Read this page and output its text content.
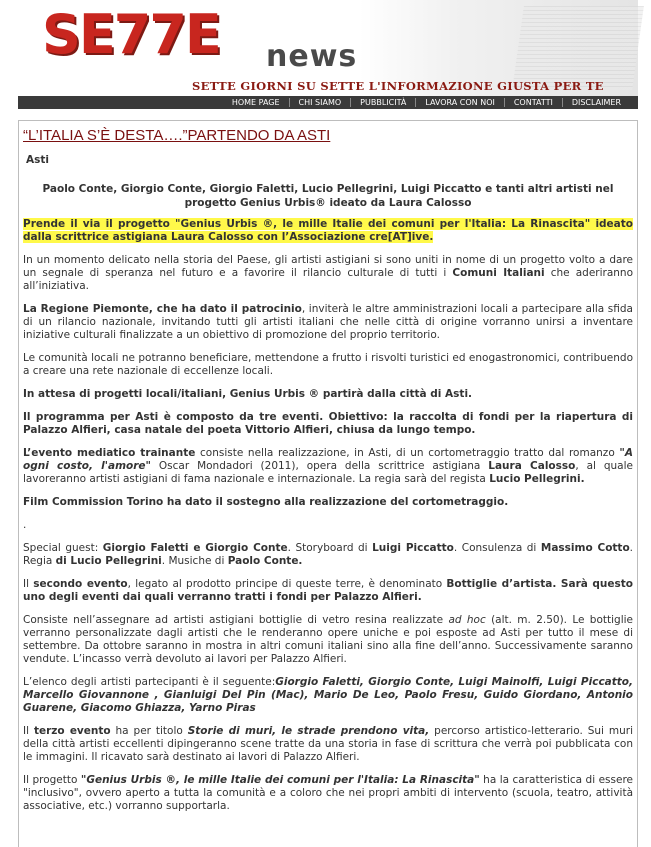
SE77E news
SETTE GIORNI SU SETTE L'INFORMAZIONE GIUSTA PER TE
HOME PAGE	CHI SIAMO	PUBBLICITÀ	LAVORA CON NOI	CONTATTI	DISCLAIMER
“L’ITALIA S’È DESTA….”PARTENDO DA ASTI
Asti
Paolo Conte, Giorgio Conte, Giorgio Faletti, Lucio Pellegrini, Luigi Piccatto e tanti altri artisti nel progetto Genius Urbis® ideato da Laura Calosso

Prende il via il progetto "Genius Urbis ®, le mille Italie dei comuni per l'Italia: La Rinascita" ideato dalla scrittrice astigiana Laura Calosso con l’Associazione cre[AT]ive.

In un momento delicato nella storia del Paese, gli artisti astigiani si sono uniti in nome di un progetto volto a dare un segnale di speranza nel futuro e a favorire il rilancio culturale di tutti i Comuni Italiani che aderiranno all’iniziativa.

La Regione Piemonte, che ha dato il patrocinio, inviterà le altre amministrazioni locali a partecipare alla sfida di un rilancio nazionale, invitando tutti gli artisti italiani che nelle città di origine vorranno unirsi a inventare iniziative culturali finalizzate a un obiettivo di promozione del proprio territorio.

Le comunità locali ne potranno beneficiare, mettendone a frutto i risvolti turistici ed enogastronomici, contribuendo a creare una rete nazionale di eccellenze locali.

In attesa di progetti locali/italiani, Genius Urbis ® partirà dalla città di Asti.

Il programma per Asti è composto da tre eventi. Obiettivo: la raccolta di fondi per la riapertura di Palazzo Alfieri, casa natale del poeta Vittorio Alfieri, chiusa da lungo tempo.

L’evento mediatico trainante consiste nella realizzazione, in Asti, di un cortometraggio tratto dal romanzo "A ogni costo, l'amore" Oscar Mondadori (2011), opera della scrittrice astigiana Laura Calosso, al quale lavoreranno artisti astigiani di fama nazionale e internazionale. La regia sarà del regista Lucio Pellegrini.

Film Commission Torino ha dato il sostegno alla realizzazione del cortometraggio.

.

Special guest: Giorgio Faletti e Giorgio Conte. Storyboard di Luigi Piccatto. Consulenza di Massimo Cotto. Regia di Lucio Pellegrini. Musiche di Paolo Conte.

Il secondo evento, legato al prodotto principe di queste terre, è denominato Bottiglie d’artista. Sarà questo uno degli eventi dai quali verranno tratti i fondi per Palazzo Alfieri.

Consiste nell’assegnare ad artisti astigiani bottiglie di vetro resina realizzate ad hoc (alt. m. 2.50). Le bottiglie verranno personalizzate dagli artisti che le renderanno opere uniche e poi esposte ad Asti per tutto il mese di settembre. Da ottobre saranno in mostra in altri comuni italiani sino alla fine dell’anno. Successivamente saranno vendute. L’incasso verrà devoluto ai lavori per Palazzo Alfieri.

L’elenco degli artisti partecipanti è il seguente:Giorgio Faletti, Giorgio Conte, Luigi Mainolfi, Luigi Piccatto, Marcello Giovannone , Gianluigi Del Pin (Mac), Mario De Leo, Paolo Fresu, Guido Giordano, Antonio Guarene, Giacomo Ghiazza, Yarno Piras

Il terzo evento ha per titolo Storie di muri, le strade prendono vita, percorso artistico-letterario. Sui muri della città artisti eccellenti dipingeranno scene tratte da una storia in fase di scrittura che verrà poi pubblicata con le immagini. Il ricavato sarà destinato ai lavori di Palazzo Alfieri.

Il progetto "Genius Urbis ®, le mille Italie dei comuni per l'Italia: La Rinascita" ha la caratteristica di essere "inclusivo", ovvero aperto a tutta la comunità e a coloro che nei propri ambiti di intervento (scuola, teatro, attività associative, etc.) vorranno supportarla.
